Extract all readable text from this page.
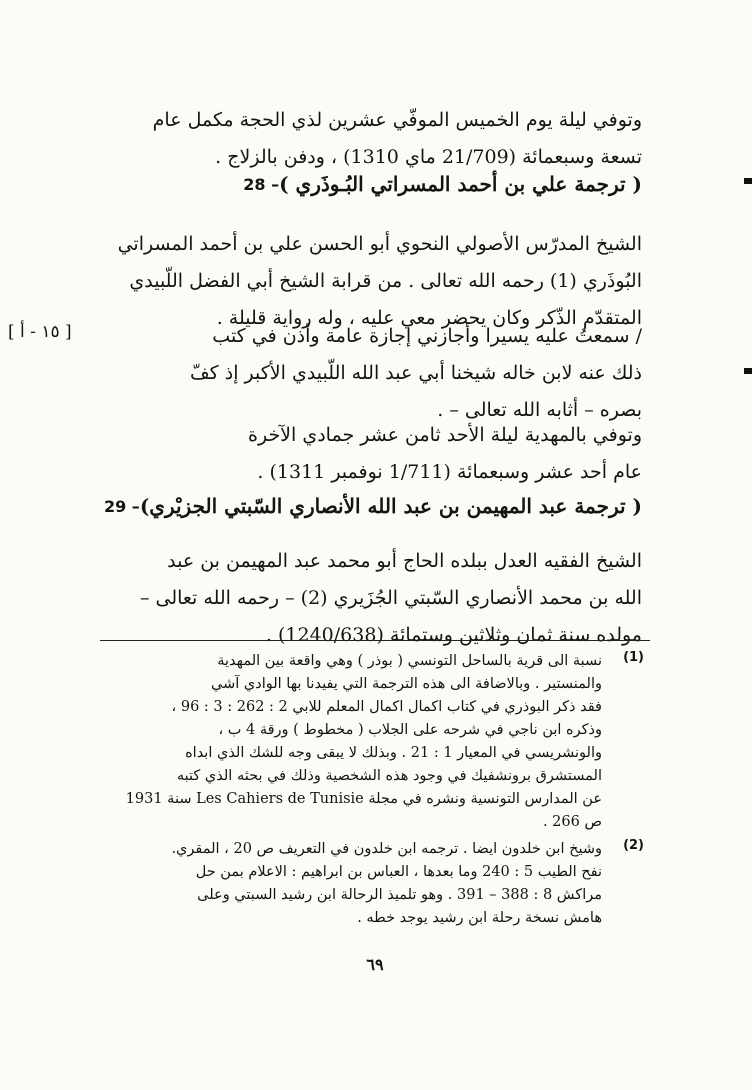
وتوفي ليلة يوم الخميس الموفّي عشرين لذي الحجة مكمل عام
تسعة وسبعمائة (21/709 ماي 1310) ، ودفن بالزلاج .
28 – ( ترجمة علي بن أحمد المسراتي البُـوذَري )
الشيخ المدرّس الأصولي النحوي أبو الحسن علي بن أحمد المسراتي
البُوذَري (1) رحمه الله تعالى . من قرابة الشيخ أبي الفضل اللّبيدي
المتقدّم الذّكر وكان يحضر معي عليه ، وله رواية قليلة .
/ سمعتُ عليه يسيرا وأجازني إجازة عامة وأذن في كتب
ذلك عنه لابن خاله شيخنا أبي عبد الله اللّبيدي الأكبر إذ كفّ
بصره – أثابه الله تعالى – .
[ ١٥ - أ ]
وتوفي بالمهدية ليلة الأحد ثامن عشر جمادي الآخرة
عام أحد عشر وسبعمائة (1/711 نوفمبر 1311) .
29 – ( ترجمة عبد المهيمن بن عبد الله الأنصاري السّبتي الجزيْري)
الشيخ الفقيه العدل ببلده الحاج أبو محمد عبد المهيمن بن عبد
الله بن محمد الأنصاري السّبتي الجُزَيري (2) – رحمه الله تعالى –
مولده سنة ثمان وثلاثين وستمائة (1240/638) .
(1)
نسبة الى قرية بالساحل التونسي ( بوذر ) وهي واقعة بين المهدية
والمنستير . وبالاضافة الى هذه الترجمة التي يفيدنا بها الوادي آشي
فقد ذكر البوذري في كتاب اكمال اكمال المعلم للابي 2 : 262 : 3 : 96 ،
وذكره ابن ناجي في شرحه على الجلاب ( مخطوط ) ورقة 4 ب ،
والونشريسي في المعيار 1 : 21 . وبذلك لا يبقى وجه للشك الذي ابداه
المستشرق برونشفيك في وجود هذه الشخصية وذلك في بحثه الذي كتبه
عن المدارس التونسية ونشره في مجلة Les Cahiers de Tunisie سنة 1931
ص 266 .
(2)
وشيخ ابن خلدون ايضا . ترجمه ابن خلدون في التعريف ص 20 ، المقري.
نفح الطيب 5 : 240 وما بعدها ، العباس بن ابراهيم : الاعلام بمن حل
مراكش 8 : 388 – 391 . وهو تلميذ الرحالة ابن رشيد السبتي وعلى
هامش نسخة رحلة ابن رشيد يوجد خطه .
٦٩
